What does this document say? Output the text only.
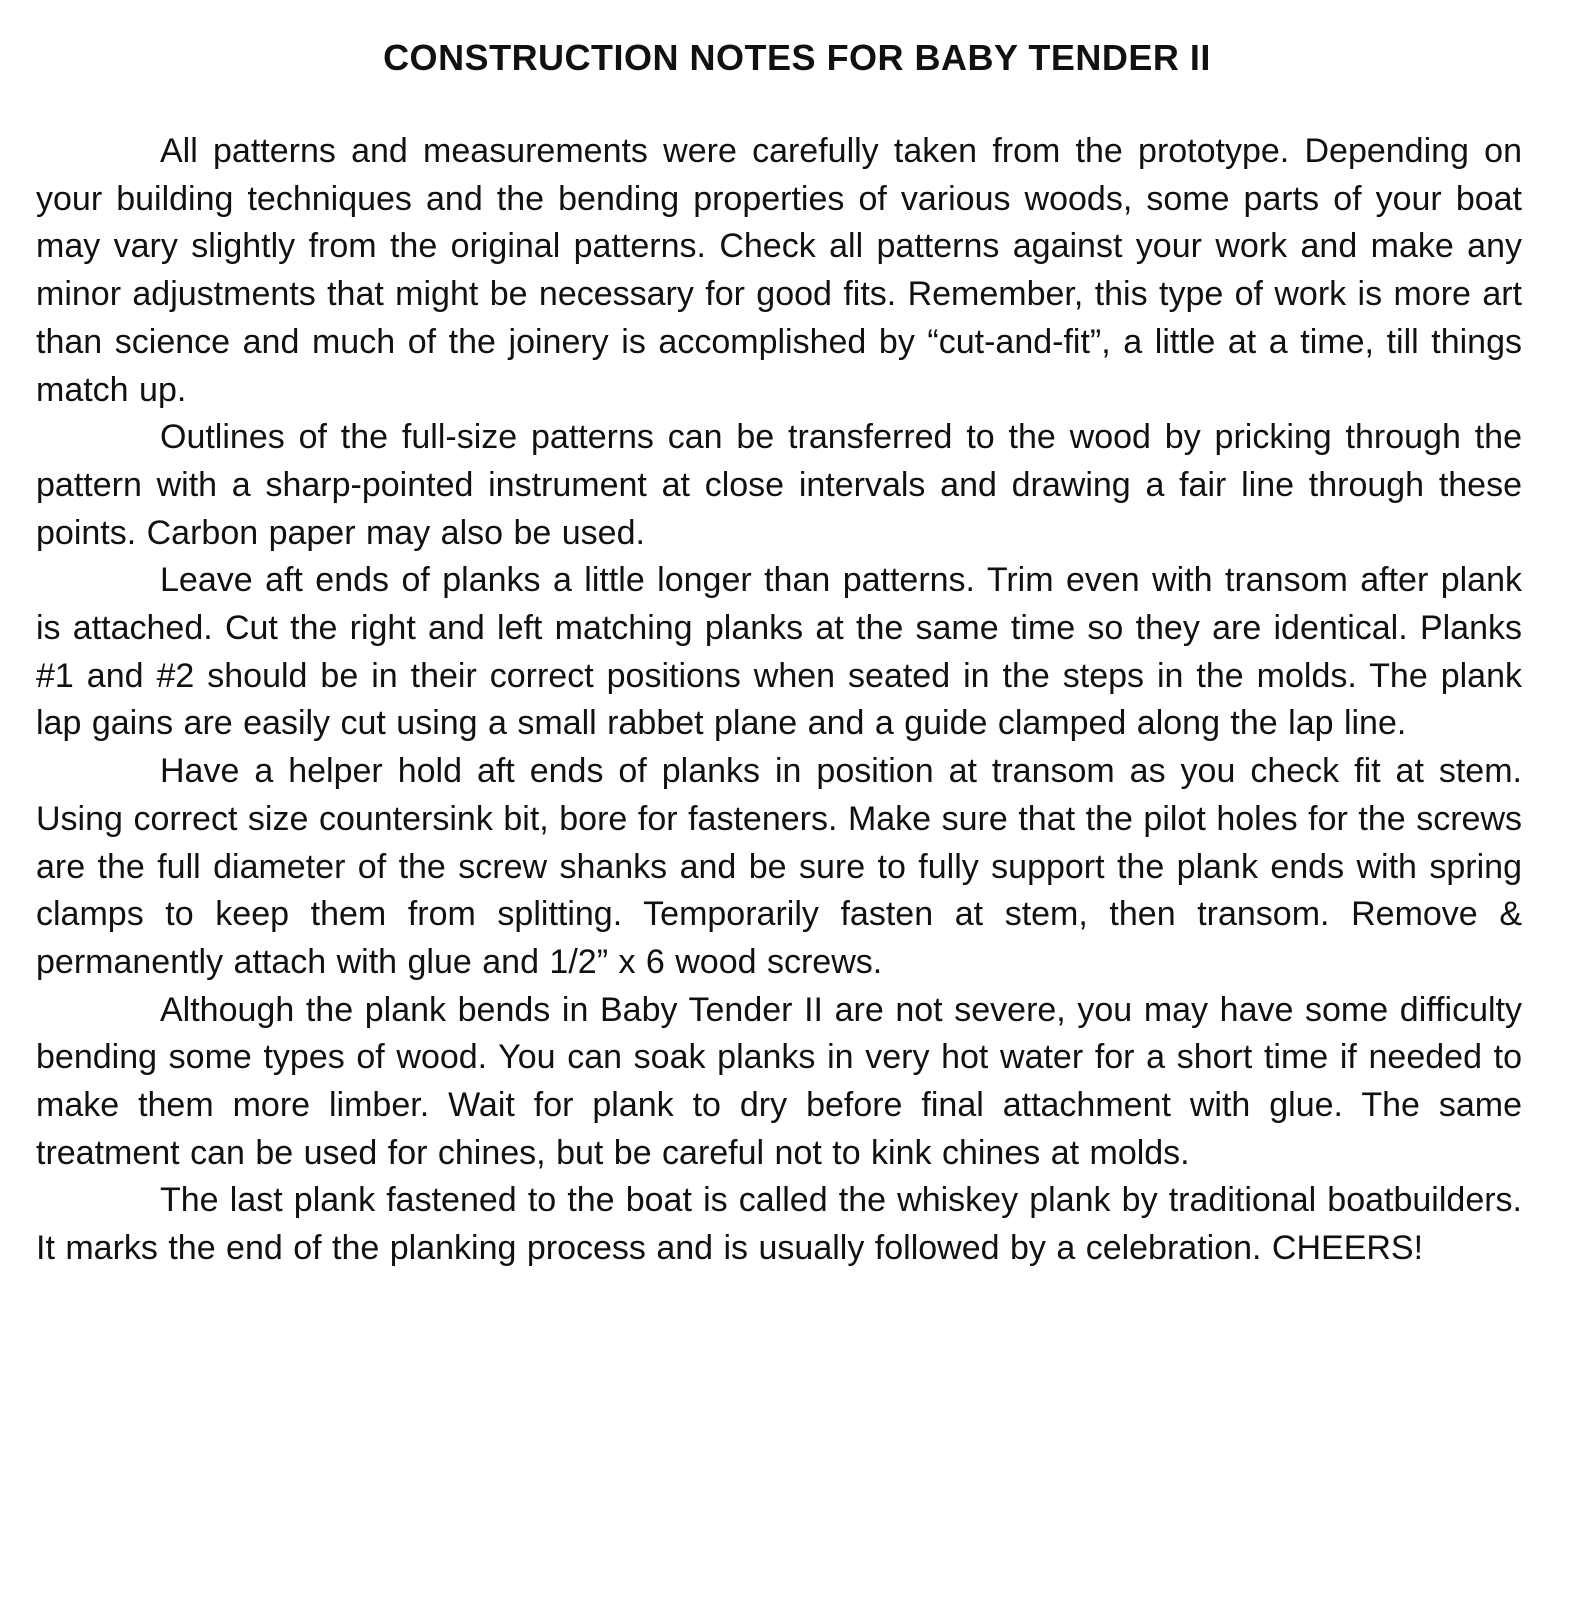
CONSTRUCTION NOTES FOR BABY TENDER II

All patterns and measurements were carefully taken from the prototype. Depending on your building techniques and the bending properties of various woods, some parts of your boat may vary slightly from the original patterns. Check all patterns against your work and make any minor adjustments that might be necessary for good fits. Remember, this type of work is more art than science and much of the joinery is accomplished by “cut-and-fit”, a little at a time, till things match up.

Outlines of the full-size patterns can be transferred to the wood by pricking through the pattern with a sharp-pointed instrument at close intervals and drawing a fair line through these points. Carbon paper may also be used.

Leave aft ends of planks a little longer than patterns. Trim even with transom after plank is attached. Cut the right and left matching planks at the same time so they are identical. Planks #1 and #2 should be in their correct positions when seated in the steps in the molds. The plank lap gains are easily cut using a small rabbet plane and a guide clamped along the lap line.

Have a helper hold aft ends of planks in position at transom as you check fit at stem. Using correct size countersink bit, bore for fasteners. Make sure that the pilot holes for the screws are the full diameter of the screw shanks and be sure to fully support the plank ends with spring clamps to keep them from splitting. Temporarily fasten at stem, then transom. Remove & permanently attach with glue and 1/2” x 6 wood screws.

Although the plank bends in Baby Tender II are not severe, you may have some difficulty bending some types of wood. You can soak planks in very hot water for a short time if needed to make them more limber. Wait for plank to dry before final attachment with glue. The same treatment can be used for chines, but be careful not to kink chines at molds.

The last plank fastened to the boat is called the whiskey plank by traditional boatbuilders. It marks the end of the planking process and is usually followed by a celebration. CHEERS!
